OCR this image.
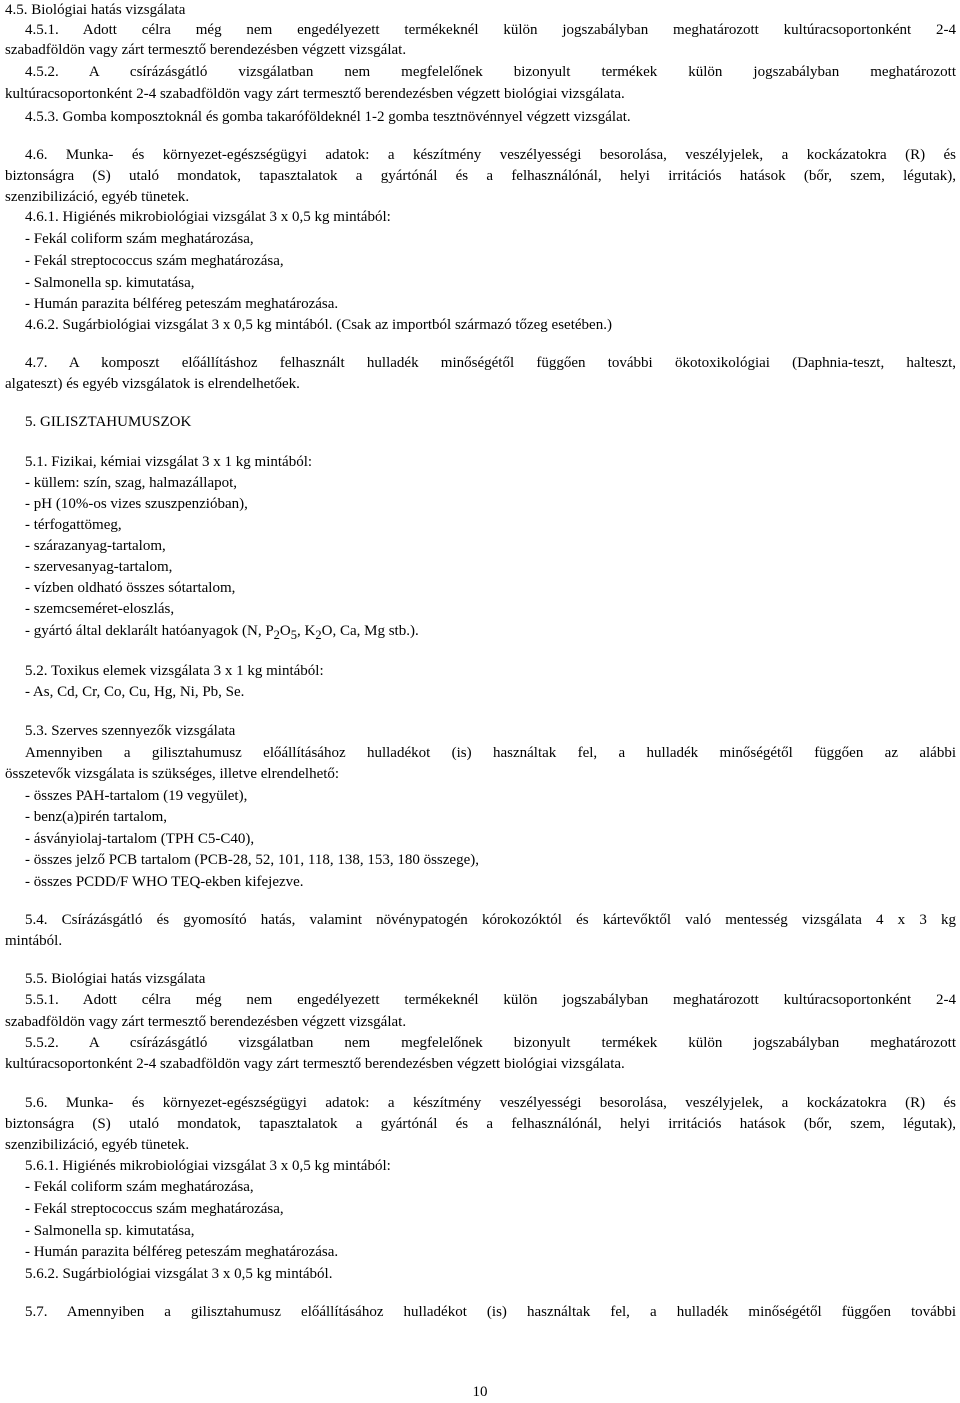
4.5. Biológiai hatás vizsgálata
4.5.1. Adott célra még nem engedélyezett termékeknél külön jogszabályban meghatározott kultúracsoportonként 2-4
szabadföldön vagy zárt termesztő berendezésben végzett vizsgálat.
4.5.2. A csírázásgátló vizsgálatban nem megfelelőnek bizonyult termékek külön jogszabályban meghatározott
kultúracsoportonként 2-4 szabadföldön vagy zárt termesztő berendezésben végzett biológiai vizsgálata.
4.5.3. Gomba komposztoknál és gomba takaróföldeknél 1-2 gomba tesztnövénnyel végzett vizsgálat.
4.6. Munka- és környezet-egészségügyi adatok: a készítmény veszélyességi besorolása, veszélyjelek, a kockázatokra (R) és
biztonságra (S) utaló mondatok, tapasztalatok a gyártónál és a felhasználónál, helyi irritációs hatások (bőr, szem, légutak),
szenzibilizáció, egyéb tünetek.
4.6.1. Higiénés mikrobiológiai vizsgálat 3 x 0,5 kg mintából:
- Fekál coliform szám meghatározása,
- Fekál streptococcus szám meghatározása,
- Salmonella sp. kimutatása,
- Humán parazita bélféreg peteszám meghatározása.
4.6.2. Sugárbiológiai vizsgálat 3 x 0,5 kg mintából. (Csak az importból származó tőzeg esetében.)
4.7. A komposzt előállításhoz felhasznált hulladék minőségétől függően további ökotoxikológiai (Daphnia-teszt, halteszt,
algateszt) és egyéb vizsgálatok is elrendelhetőek.
5. GILISZTAHUMUSZOK
5.1. Fizikai, kémiai vizsgálat 3 x 1 kg mintából:
- küllem: szín, szag, halmazállapot,
- pH (10%-os vizes szuszpenzióban),
- térfogattömeg,
- szárazanyag-tartalom,
- szervesanyag-tartalom,
- vízben oldható összes sótartalom,
- szemcseméret-eloszlás,
- gyártó által deklarált hatóanyagok (N, $P_2O_5$, $K_2O$, Ca, Mg stb.).
5.2. Toxikus elemek vizsgálata 3 x 1 kg mintából:
- As, Cd, Cr, Co, Cu, Hg, Ni, Pb, Se.
5.3. Szerves szennyezők vizsgálata
Amennyiben a gilisztahumusz előállításához hulladékot (is) használtak fel, a hulladék minőségétől függően az alábbi
összetevők vizsgálata is szükséges, illetve elrendelhető:
- összes PAH-tartalom (19 vegyület),
- benz(a)pirén tartalom,
- ásványiolaj-tartalom (TPH C5-C40),
- összes jelző PCB tartalom (PCB-28, 52, 101, 118, 138, 153, 180 összege),
- összes PCDD/F WHO TEQ-ekben kifejezve.
5.4. Csírázásgátló és gyomosító hatás, valamint növénypatogén kórokozóktól és kártevőktől való mentesség vizsgálata 4 x 3 kg
mintából.
5.5. Biológiai hatás vizsgálata
5.5.1. Adott célra még nem engedélyezett termékeknél külön jogszabályban meghatározott kultúracsoportonként 2-4
szabadföldön vagy zárt termesztő berendezésben végzett vizsgálat.
5.5.2. A csírázásgátló vizsgálatban nem megfelelőnek bizonyult termékek külön jogszabályban meghatározott
kultúracsoportonként 2-4 szabadföldön vagy zárt termesztő berendezésben végzett biológiai vizsgálata.
5.6. Munka- és környezet-egészségügyi adatok: a készítmény veszélyességi besorolása, veszélyjelek, a kockázatokra (R) és
biztonságra (S) utaló mondatok, tapasztalatok a gyártónál és a felhasználónál, helyi irritációs hatások (bőr, szem, légutak),
szenzibilizáció, egyéb tünetek.
5.6.1. Higiénés mikrobiológiai vizsgálat 3 x 0,5 kg mintából:
- Fekál coliform szám meghatározása,
- Fekál streptococcus szám meghatározása,
- Salmonella sp. kimutatása,
- Humán parazita bélféreg peteszám meghatározása.
5.6.2. Sugárbiológiai vizsgálat 3 x 0,5 kg mintából.
5.7. Amennyiben a gilisztahumusz előállításához hulladékot (is) használtak fel, a hulladék minőségétől függően további
10
